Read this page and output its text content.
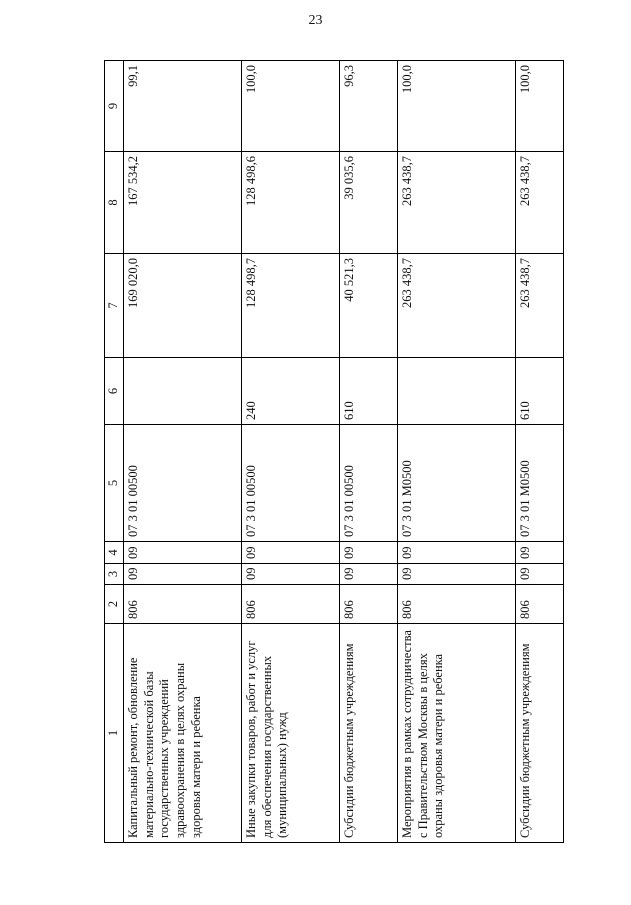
23
1	2	3	4	5	6	7	8	9
Капитальный ремонт, обновление материально-технической базы государственных учреждений здравоохранения в целях охраны здоровья матери и ребенка	806	09	09	07 3 01 00500		169 020,0	167 534,2	99,1
Иные закупки товаров, работ и услуг для обеспечения государственных (муниципальных) нужд	806	09	09	07 3 01 00500	240	128 498,7	128 498,6	100,0
Субсидии бюджетным учреждениям	806	09	09	07 3 01 00500	610	40 521,3	39 035,6	96,3
Мероприятия в рамках сотрудничества с Правительством Москвы в целях охраны здоровья матери и ребенка	806	09	09	07 3 01 М0500		263 438,7	263 438,7	100,0
Субсидии бюджетным учреждениям	806	09	09	07 3 01 М0500	610	263 438,7	263 438,7	100,0
